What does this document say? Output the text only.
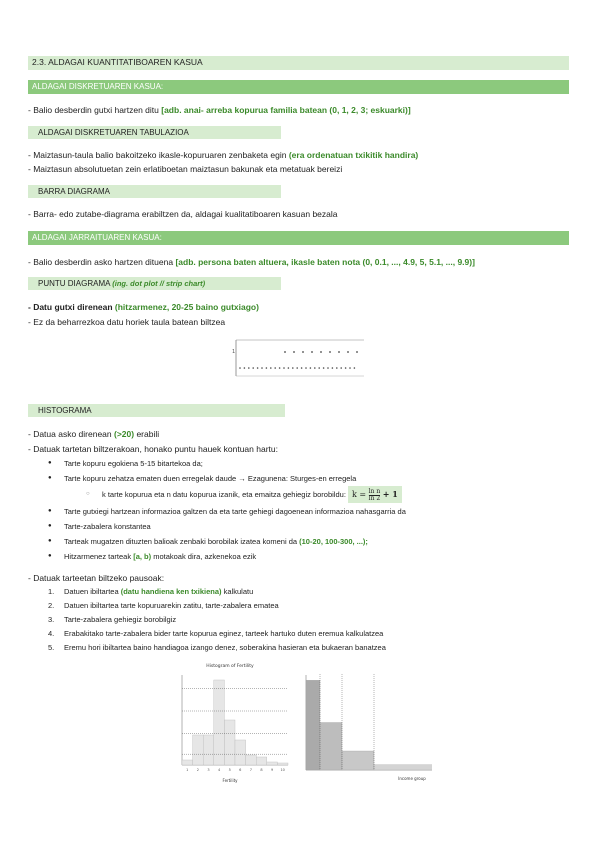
2.3. ALDAGAI KUANTITATIBOAREN KASUA
ALDAGAI DISKRETUAREN KASUA:
- Balio desberdin gutxi hartzen ditu [adb. anai- arreba kopurua familia batean (0, 1, 2, 3; eskuarki)]
ALDAGAI DISKRETUAREN TABULAZIOA
- Maiztasun-taula balio bakoitzeko ikasle-kopuruaren zenbaketa egin (era ordenatuan txikitik handira)
- Maiztasun absolutuetan zein erlatiboetan maiztasun bakunak eta metatuak bereizi
BARRA DIAGRAMA
- Barra- edo zutabe-diagrama erabiltzen da, aldagai kualitatiboaren kasuan bezala
ALDAGAI JARRAITUAREN KASUA:
- Balio desberdin asko hartzen dituena [adb. persona baten altuera, ikasle baten nota (0, 0.1, ..., 4.9, 5, 5.1, ..., 9.9)]
PUNTU DIAGRAMA (ing. dot plot // strip chart)
- Datu gutxi direnean (hitzarmenez, 20-25 baino gutxiago)
- Ez da beharrezkoa datu horiek taula batean biltzea
1
HISTOGRAMA
- Datua asko direnean (>20) erabili
- Datuak tartetan biltzerakoan, honako puntu hauek kontuan hartu:
● Tarte kopuru egokiena 5-15 bitartekoa da;
● Tarte kopuru zehatza ematen duen erregelak daude → Ezagunena: Sturges-en erregela
○ k tarte kopurua eta n datu kopurua izanik, eta emaitza gehiegiz borobildu: $k = \frac{\text{ln n}}{\ln 2} + 1$
● Tarte gutxiegi hartzean informazioa galtzen da eta tarte gehiegi dagoenean informazioa nahasgarria da
● Tarte-zabalera konstantea
● Tarteak mugatzen dituzten balioak zenbaki borobilak izatea komeni da (10-20, 100-300, ...);
● Hitzarmenez tarteak [a, b) motakoak dira, azkenekoa ezik
- Datuak tarteetan biltzeko pausoak:
1. Datuen ibiltartea (datu handiena ken txikiena) kalkulatu
2. Datuen ibiltartea tarte kopuruarekin zatitu, tarte-zabalera ematea
3. Tarte-zabalera gehiegiz borobilgiz
4. Erabakitako tarte-zabalera bider tarte kopurua eginez, tarteek hartuko duten eremua kalkulatzea
5. Eremu hori ibiltartea baino handiagoa izango denez, soberakina hasieran eta bukaeran banatzea
Histogram of Fertility
1 2 3 4 5 6 7 8 9 10
Fertility	Income group
